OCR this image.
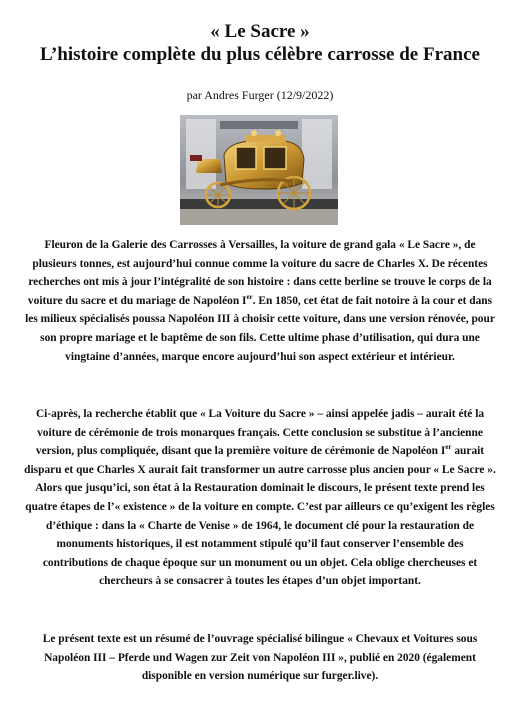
« Le Sacre »
L’histoire complète du plus célèbre carrosse de France
par Andres Furger (12/9/2022)
Fleuron de la Galerie des Carrosses à Versailles, la voiture de grand gala « Le Sacre », de plusieurs tonnes, est aujourd’hui connue comme la voiture du sacre de Charles X. De récentes recherches ont mis à jour l’intégralité de son histoire : dans cette berline se trouve le corps de la voiture du sacre et du mariage de Napoléon Ier. En 1850, cet état de fait notoire à la cour et dans les milieux spécialisés poussa Napoléon III à choisir cette voiture, dans une version rénovée, pour son propre mariage et le baptême de son fils. Cette ultime phase d’utilisation, qui dura une vingtaine d’années, marque encore aujourd’hui son aspect extérieur et intérieur.
Ci-après, la recherche établit que « La Voiture du Sacre » – ainsi appelée jadis – aurait été la voiture de cérémonie de trois monarques français. Cette conclusion se substitue à l’ancienne version, plus compliquée, disant que la première voiture de cérémonie de Napoléon Ier aurait disparu et que Charles X aurait fait transformer un autre carrosse plus ancien pour « Le Sacre ». Alors que jusqu’ici, son état à la Restauration dominait le discours, le présent texte prend les quatre étapes de l’« existence » de la voiture en compte. C’est par ailleurs ce qu’exigent les règles d’éthique : dans la « Charte de Venise » de 1964, le document clé pour la restauration de monuments historiques, il est notamment stipulé qu’il faut conserver l’ensemble des contributions de chaque époque sur un monument ou un objet. Cela oblige chercheuses et chercheurs à se consacrer à toutes les étapes d’un objet important.
Le présent texte est un résumé de l’ouvrage spécialisé bilingue « Chevaux et Voitures sous Napoléon III – Pferde und Wagen zur Zeit von Napoléon III », publié en 2020 (également disponible en version numérique sur furger.live).
